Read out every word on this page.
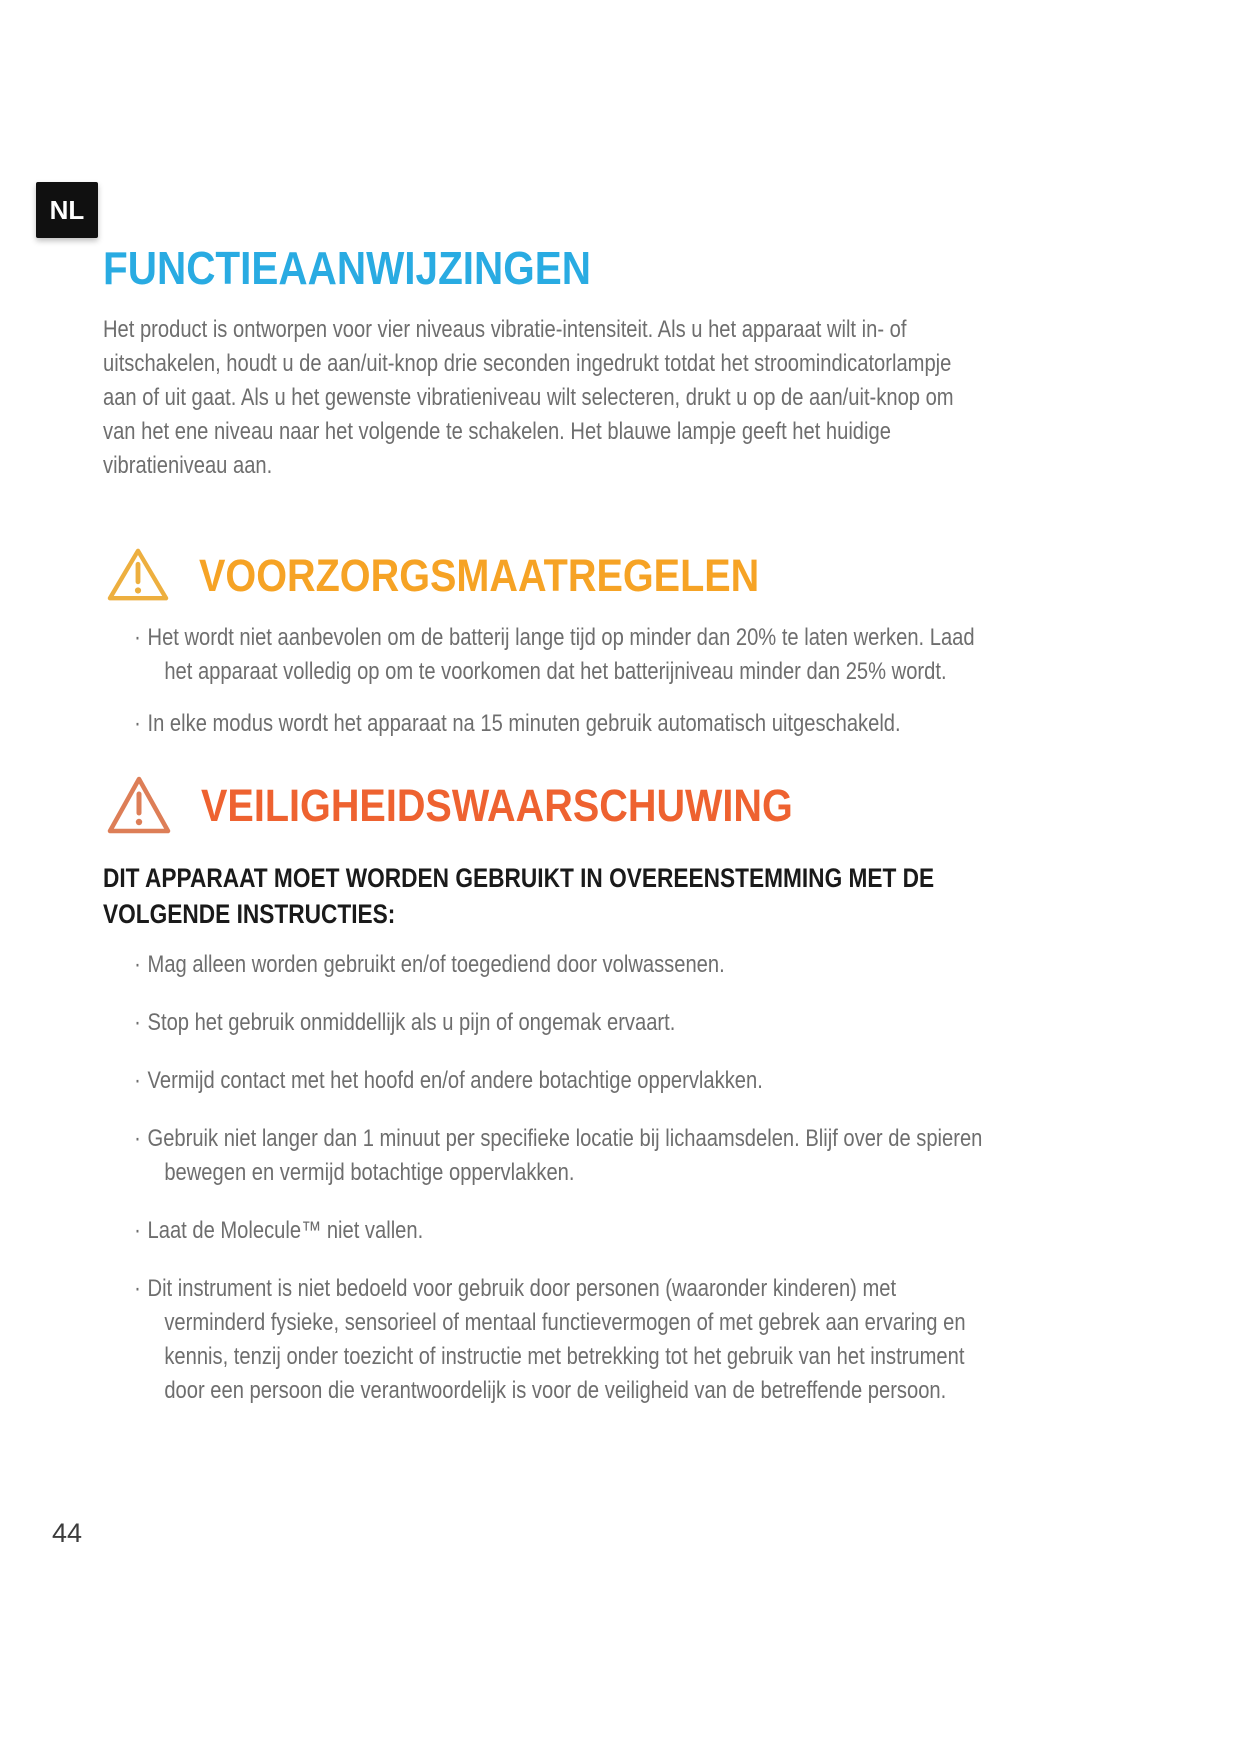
NL
FUNCTIEAANWIJZINGEN

Het product is ontworpen voor vier niveaus vibratie-intensiteit. Als u het apparaat wilt in- of uitschakelen, houdt u de aan/uit-knop drie seconden ingedrukt totdat het stroomindicatorlampje aan of uit gaat. Als u het gewenste vibratieniveau wilt selecteren, drukt u op de aan/uit-knop om van het ene niveau naar het volgende te schakelen. Het blauwe lampje geeft het huidige vibratieniveau aan.

VOORZORGSMAATREGELEN
· Het wordt niet aanbevolen om de batterij lange tijd op minder dan 20% te laten werken. Laad het apparaat volledig op om te voorkomen dat het batterijniveau minder dan 25% wordt.
· In elke modus wordt het apparaat na 15 minuten gebruik automatisch uitgeschakeld.
VEILIGHEIDSWAARSCHUWING
DIT APPARAAT MOET WORDEN GEBRUIKT IN OVEREENSTEMMING MET DE
VOLGENDE INSTRUCTIES:
· Mag alleen worden gebruikt en/of toegediend door volwassenen.
· Stop het gebruik onmiddellijk als u pijn of ongemak ervaart.
· Vermijd contact met het hoofd en/of andere botachtige oppervlakken.
· Gebruik niet langer dan 1 minuut per specifieke locatie bij lichaamsdelen. Blijf over de spieren bewegen en vermijd botachtige oppervlakken.
· Laat de Molecule™ niet vallen.
· Dit instrument is niet bedoeld voor gebruik door personen (waaronder kinderen) met verminderd fysieke, sensorieel of mentaal functievermogen of met gebrek aan ervaring en kennis, tenzij onder toezicht of instructie met betrekking tot het gebruik van het instrument door een persoon die verantwoordelijk is voor de veiligheid van de betreffende persoon.
44
